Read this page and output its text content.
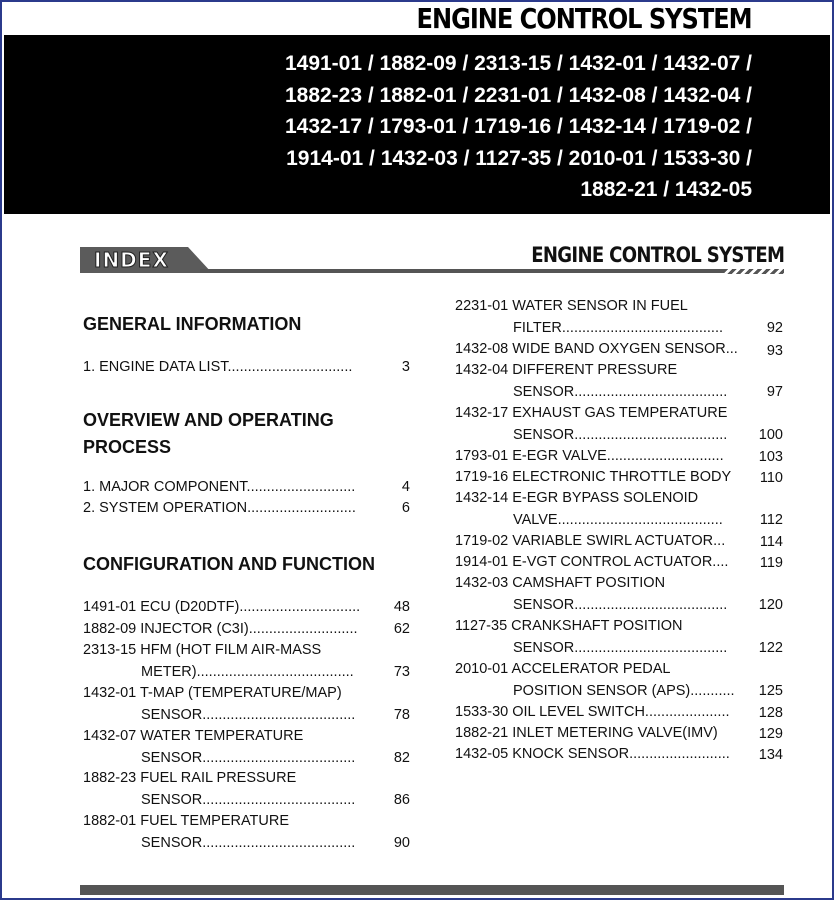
ENGINE CONTROL SYSTEM
1491-01 / 1882-09 / 2313-15 / 1432-01 / 1432-07 /
1882-23 / 1882-01 / 2231-01 / 1432-08 / 1432-04 /
1432-17 / 1793-01 / 1719-16 / 1432-14 / 1719-02 /
1914-01 / 1432-03 / 1127-35 / 2010-01 / 1533-30 /
1882-21 / 1432-05
INDEX	ENGINE CONTROL SYSTEM
GENERAL INFORMATION
1. ENGINE DATA LIST...............................	3
OVERVIEW AND OPERATING
PROCESS
1. MAJOR COMPONENT...........................	4
2. SYSTEM OPERATION...........................	6
CONFIGURATION AND FUNCTION
1491-01 ECU (D20DTF).............................. 48
1882-09 INJECTOR (C3I)...........................	62
2313-15 HFM (HOT FILM AIR-MASS
METER).......................................	73
1432-01 T-MAP (TEMPERATURE/MAP)
SENSOR......................................	78
1432-07 WATER TEMPERATURE
SENSOR......................................	82
1882-23 FUEL RAIL PRESSURE
SENSOR......................................	86
1882-01 FUEL TEMPERATURE
SENSOR......................................	90
2231-01 WATER SENSOR IN FUEL
FILTER........................................	92
1432-08 WIDE BAND OXYGEN SENSOR...	93
1432-04 DIFFERENT PRESSURE
SENSOR......................................	97
1432-17 EXHAUST GAS TEMPERATURE
SENSOR......................................	100
1793-01 E-EGR VALVE.............................	103
1719-16 ELECTRONIC THROTTLE BODY	110
1432-14 E-EGR BYPASS SOLENOID
VALVE.........................................	112
1719-02 VARIABLE SWIRL ACTUATOR...	114
1914-01 E-VGT CONTROL ACTUATOR....	119
1432-03 CAMSHAFT POSITION
SENSOR......................................	120
1127-35 CRANKSHAFT POSITION
SENSOR......................................	122
2010-01 ACCELERATOR PEDAL
POSITION SENSOR (APS)...........	125
1533-30 OIL LEVEL SWITCH.....................	128
1882-21 INLET METERING VALVE(IMV)	129
1432-05 KNOCK SENSOR.........................	134
